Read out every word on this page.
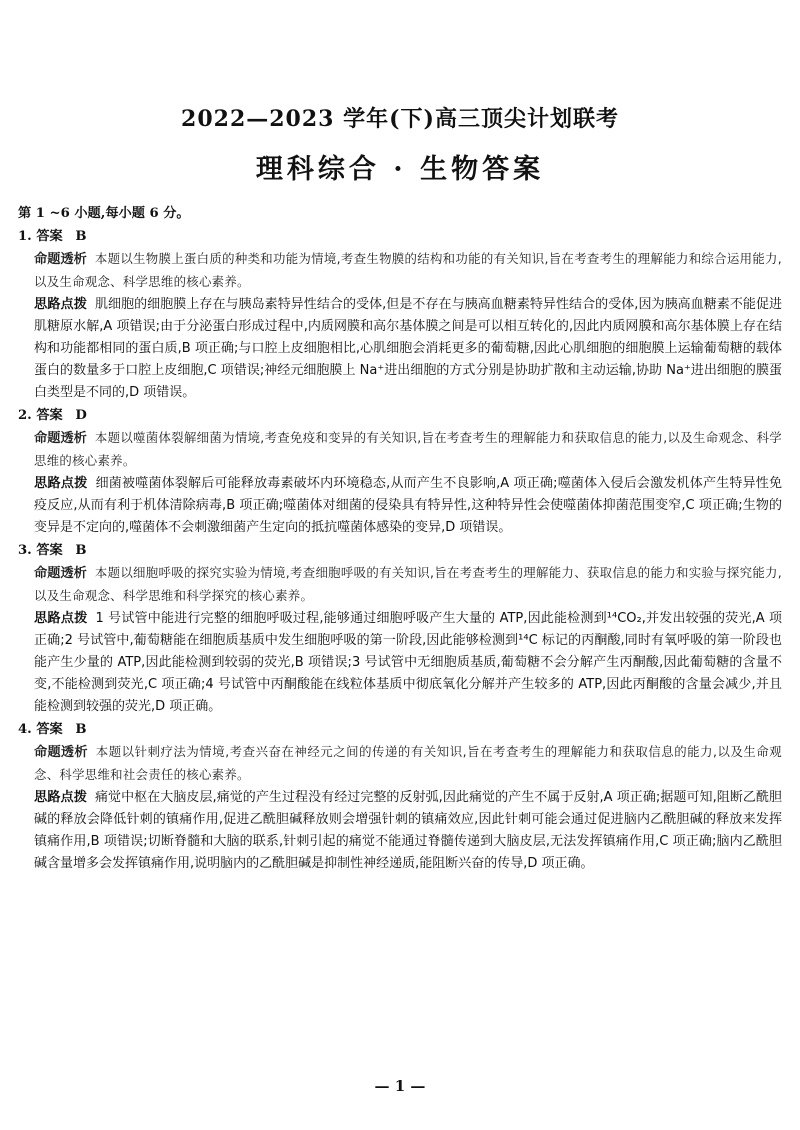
2022—2023 学年(下)高三顶尖计划联考
理科综合 · 生物答案
第 1 ~6 小题,每小题 6 分。
1. 答案 B
命题透析 本题以生物膜上蛋白质的种类和功能为情境,考查生物膜的结构和功能的有关知识,旨在考查考生的理解能力和综合运用能力,以及生命观念、科学思维的核心素养。
思路点拨 肌细胞的细胞膜上存在与胰岛素特异性结合的受体,但是不存在与胰高血糖素特异性结合的受体,因为胰高血糖素不能促进肌糖原水解,A 项错误;由于分泌蛋白形成过程中,内质网膜和高尔基体膜之间是可以相互转化的,因此内质网膜和高尔基体膜上存在结构和功能都相同的蛋白质,B 项正确;与口腔上皮细胞相比,心肌细胞会消耗更多的葡萄糖,因此心肌细胞的细胞膜上运输葡萄糖的载体蛋白的数量多于口腔上皮细胞,C 项错误;神经元细胞膜上 Na⁺进出细胞的方式分别是协助扩散和主动运输,协助 Na⁺进出细胞的膜蛋白类型是不同的,D 项错误。
2. 答案 D
命题透析 本题以噬菌体裂解细菌为情境,考查免疫和变异的有关知识,旨在考查考生的理解能力和获取信息的能力,以及生命观念、科学思维的核心素养。
思路点拨 细菌被噬菌体裂解后可能释放毒素破坏内环境稳态,从而产生不良影响,A 项正确;噬菌体入侵后会激发机体产生特异性免疫反应,从而有利于机体清除病毒,B 项正确;噬菌体对细菌的侵染具有特异性,这种特异性会使噬菌体抑菌范围变窄,C 项正确;生物的变异是不定向的,噬菌体不会刺激细菌产生定向的抵抗噬菌体感染的变异,D 项错误。
3. 答案 B
命题透析 本题以细胞呼吸的探究实验为情境,考查细胞呼吸的有关知识,旨在考查考生的理解能力、获取信息的能力和实验与探究能力,以及生命观念、科学思维和科学探究的核心素养。
思路点拨 1 号试管中能进行完整的细胞呼吸过程,能够通过细胞呼吸产生大量的 ATP,因此能检测到¹⁴CO₂,并发出较强的荧光,A 项正确;2 号试管中,葡萄糖能在细胞质基质中发生细胞呼吸的第一阶段,因此能够检测到¹⁴C 标记的丙酮酸,同时有氧呼吸的第一阶段也能产生少量的 ATP,因此能检测到较弱的荧光,B 项错误;3 号试管中无细胞质基质,葡萄糖不会分解产生丙酮酸,因此葡萄糖的含量不变,不能检测到荧光,C 项正确;4 号试管中丙酮酸能在线粒体基质中彻底氧化分解并产生较多的 ATP,因此丙酮酸的含量会减少,并且能检测到较强的荧光,D 项正确。
4. 答案 B
命题透析 本题以针刺疗法为情境,考查兴奋在神经元之间的传递的有关知识,旨在考查考生的理解能力和获取信息的能力,以及生命观念、科学思维和社会责任的核心素养。
思路点拨 痛觉中枢在大脑皮层,痛觉的产生过程没有经过完整的反射弧,因此痛觉的产生不属于反射,A 项正确;据题可知,阻断乙酰胆碱的释放会降低针刺的镇痛作用,促进乙酰胆碱释放则会增强针刺的镇痛效应,因此针刺可能会通过促进脑内乙酰胆碱的释放来发挥镇痛作用,B 项错误;切断脊髓和大脑的联系,针刺引起的痛觉不能通过脊髓传递到大脑皮层,无法发挥镇痛作用,C 项正确;脑内乙酰胆碱含量增多会发挥镇痛作用,说明脑内的乙酰胆碱是抑制性神经递质,能阻断兴奋的传导,D 项正确。
— 1 —
